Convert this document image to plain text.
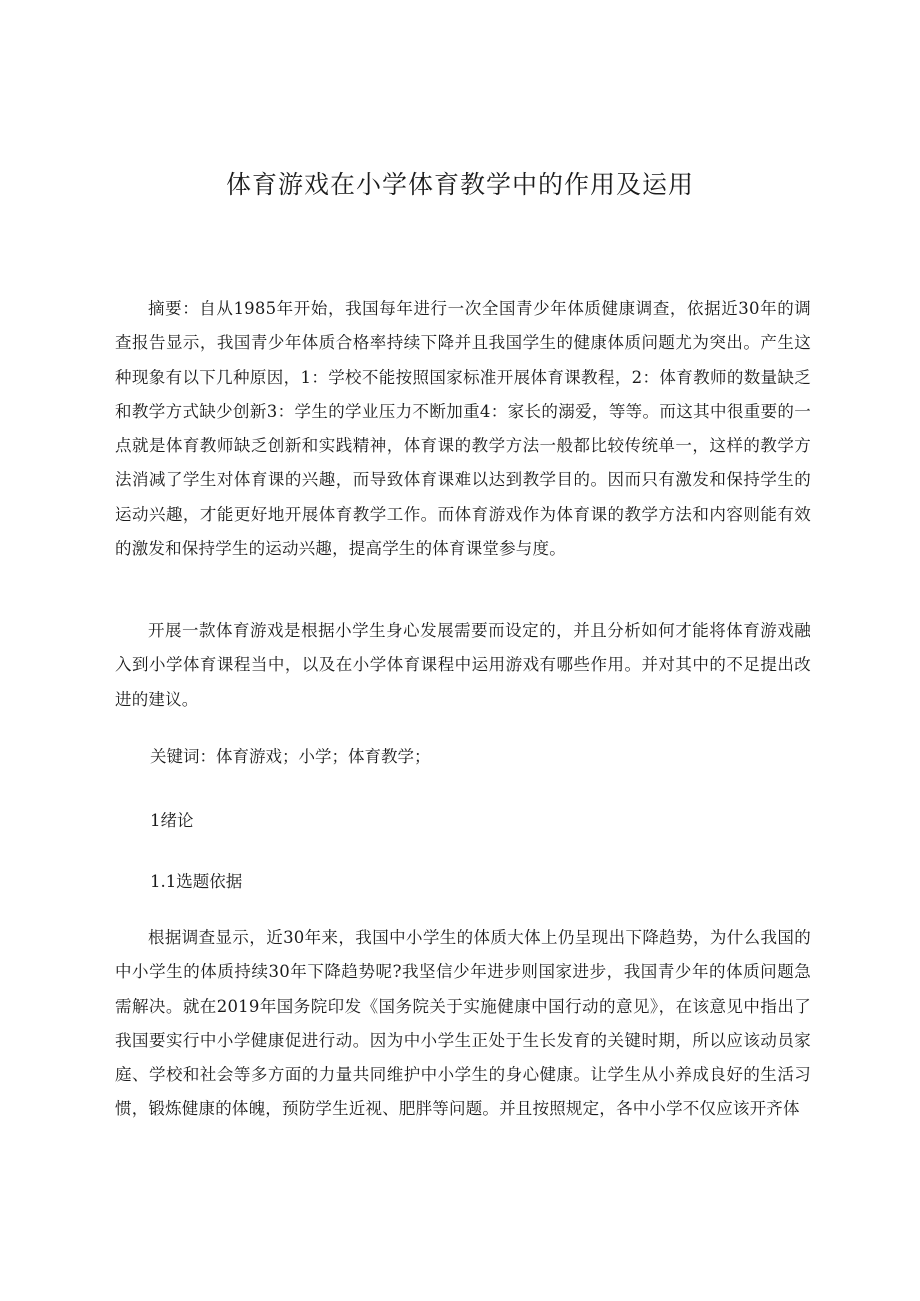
体育游戏在小学体育教学中的作用及运用

摘要：自从1985年开始，我国每年进行一次全国青少年体质健康调查，依据近30年的调查报告显示，我国青少年体质合格率持续下降并且我国学生的健康体质问题尤为突出。产生这种现象有以下几种原因，1：学校不能按照国家标准开展体育课教程，2：体育教师的数量缺乏和教学方式缺少创新3：学生的学业压力不断加重4：家长的溺爱，等等。而这其中很重要的一点就是体育教师缺乏创新和实践精神，体育课的教学方法一般都比较传统单一，这样的教学方法消减了学生对体育课的兴趣，而导致体育课难以达到教学目的。因而只有激发和保持学生的运动兴趣，才能更好地开展体育教学工作。而体育游戏作为体育课的教学方法和内容则能有效的激发和保持学生的运动兴趣，提高学生的体育课堂参与度。

开展一款体育游戏是根据小学生身心发展需要而设定的，并且分析如何才能将体育游戏融入到小学体育课程当中，以及在小学体育课程中运用游戏有哪些作用。并对其中的不足提出改进的建议。

关键词：体育游戏；小学；体育教学；

1绪论
1.1选题依据

根据调查显示，近30年来，我国中小学生的体质大体上仍呈现出下降趋势，为什么我国的中小学生的体质持续30年下降趋势呢?我坚信少年进步则国家进步，我国青少年的体质问题急需解决。就在2019年国务院印发《国务院关于实施健康中国行动的意见》，在该意见中指出了我国要实行中小学健康促进行动。因为中小学生正处于生长发育的关键时期，所以应该动员家庭、学校和社会等多方面的力量共同维护中小学生的身心健康。让学生从小养成良好的生活习惯，锻炼健康的体魄，预防学生近视、肥胖等问题。并且按照规定，各中小学不仅应该开齐体
